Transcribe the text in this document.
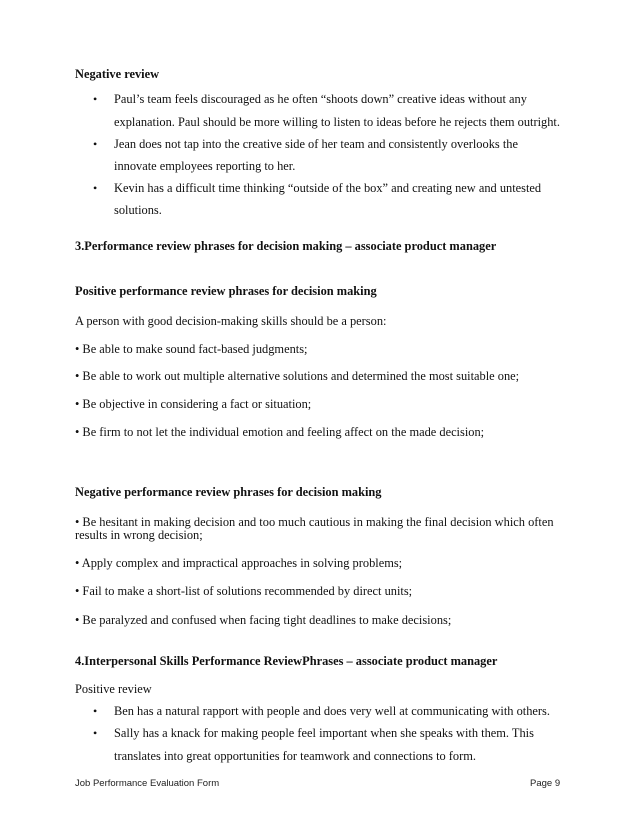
Negative review
• Paul’s team feels discouraged as he often “shoots down” creative ideas without any
explanation. Paul should be more willing to listen to ideas before he rejects them outright.
• Jean does not tap into the creative side of her team and consistently overlooks the
innovate employees reporting to her.
• Kevin has a difficult time thinking “outside of the box” and creating new and untested
solutions.
3.Performance review phrases for decision making – associate product manager
Positive performance review phrases for decision making
A person with good decision-making skills should be a person:
• Be able to make sound fact-based judgments;
• Be able to work out multiple alternative solutions and determined the most suitable one;
• Be objective in considering a fact or situation;
• Be firm to not let the individual emotion and feeling affect on the made decision;
Negative performance review phrases for decision making
• Be hesitant in making decision and too much cautious in making the final decision which often
results in wrong decision;
• Apply complex and impractical approaches in solving problems;
• Fail to make a short-list of solutions recommended by direct units;
• Be paralyzed and confused when facing tight deadlines to make decisions;
4.Interpersonal Skills Performance ReviewPhrases – associate product manager
Positive review
• Ben has a natural rapport with people and does very well at communicating with others.
• Sally has a knack for making people feel important when she speaks with them. This
translates into great opportunities for teamwork and connections to form.
Job Performance Evaluation Form	Page 9
